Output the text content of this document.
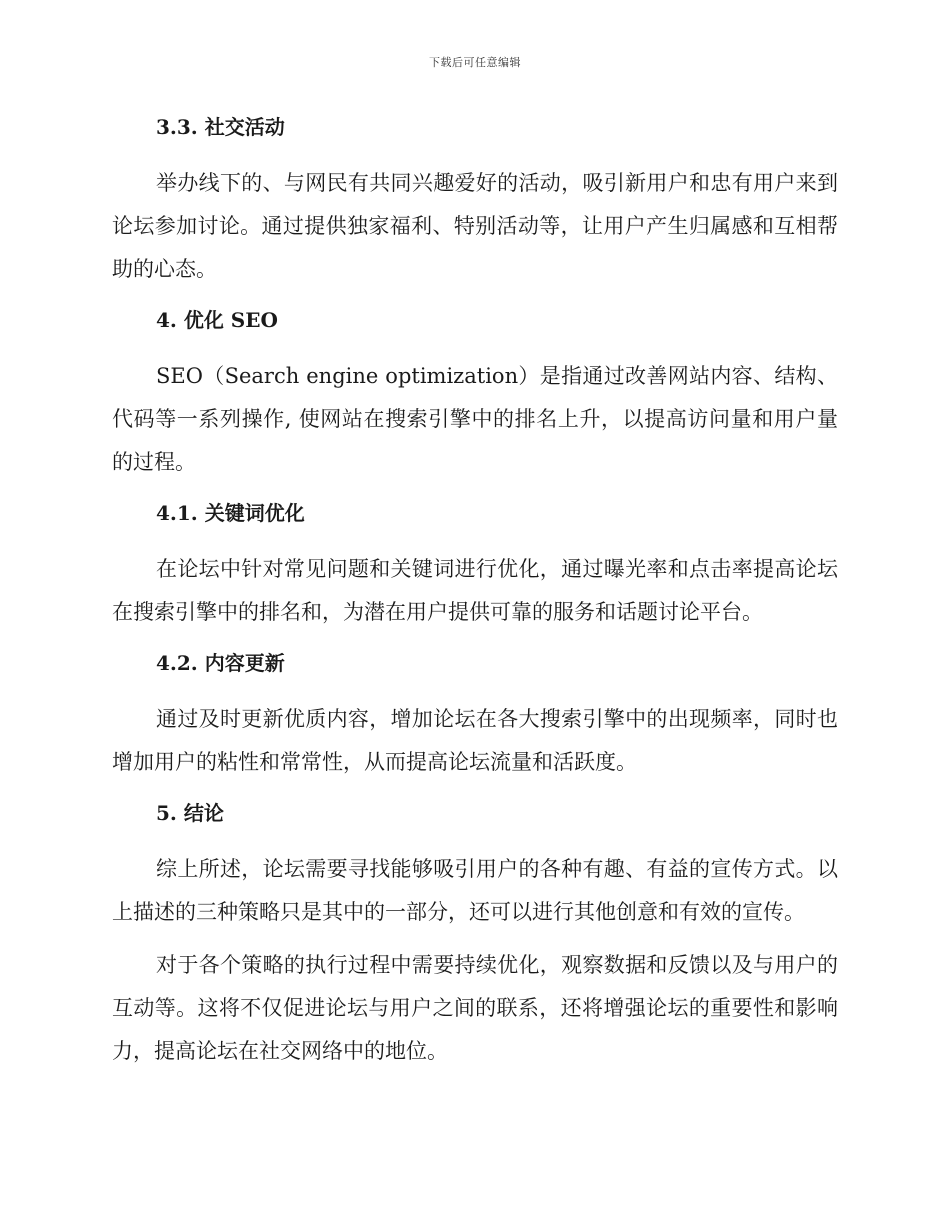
下载后可任意编辑
3.3. 社交活动

举办线下的、与网民有共同兴趣爱好的活动，吸引新用户和忠有用户来到论坛参加讨论。通过提供独家福利、特别活动等，让用户产生归属感和互相帮助的心态。

4. 优化 SEO

SEO（Search engine optimization）是指通过改善网站内容、结构、代码等一系列操作, 使网站在搜索引擎中的排名上升，以提高访问量和用户量的过程。

4.1. 关键词优化

在论坛中针对常见问题和关键词进行优化，通过曝光率和点击率提高论坛在搜索引擎中的排名和，为潜在用户提供可靠的服务和话题讨论平台。

4.2. 内容更新

通过及时更新优质内容，增加论坛在各大搜索引擎中的出现频率，同时也增加用户的粘性和常常性，从而提高论坛流量和活跃度。

5. 结论

综上所述，论坛需要寻找能够吸引用户的各种有趣、有益的宣传方式。以上描述的三种策略只是其中的一部分，还可以进行其他创意和有效的宣传。

对于各个策略的执行过程中需要持续优化，观察数据和反馈以及与用户的互动等。这将不仅促进论坛与用户之间的联系，还将增强论坛的重要性和影响力，提高论坛在社交网络中的地位。
